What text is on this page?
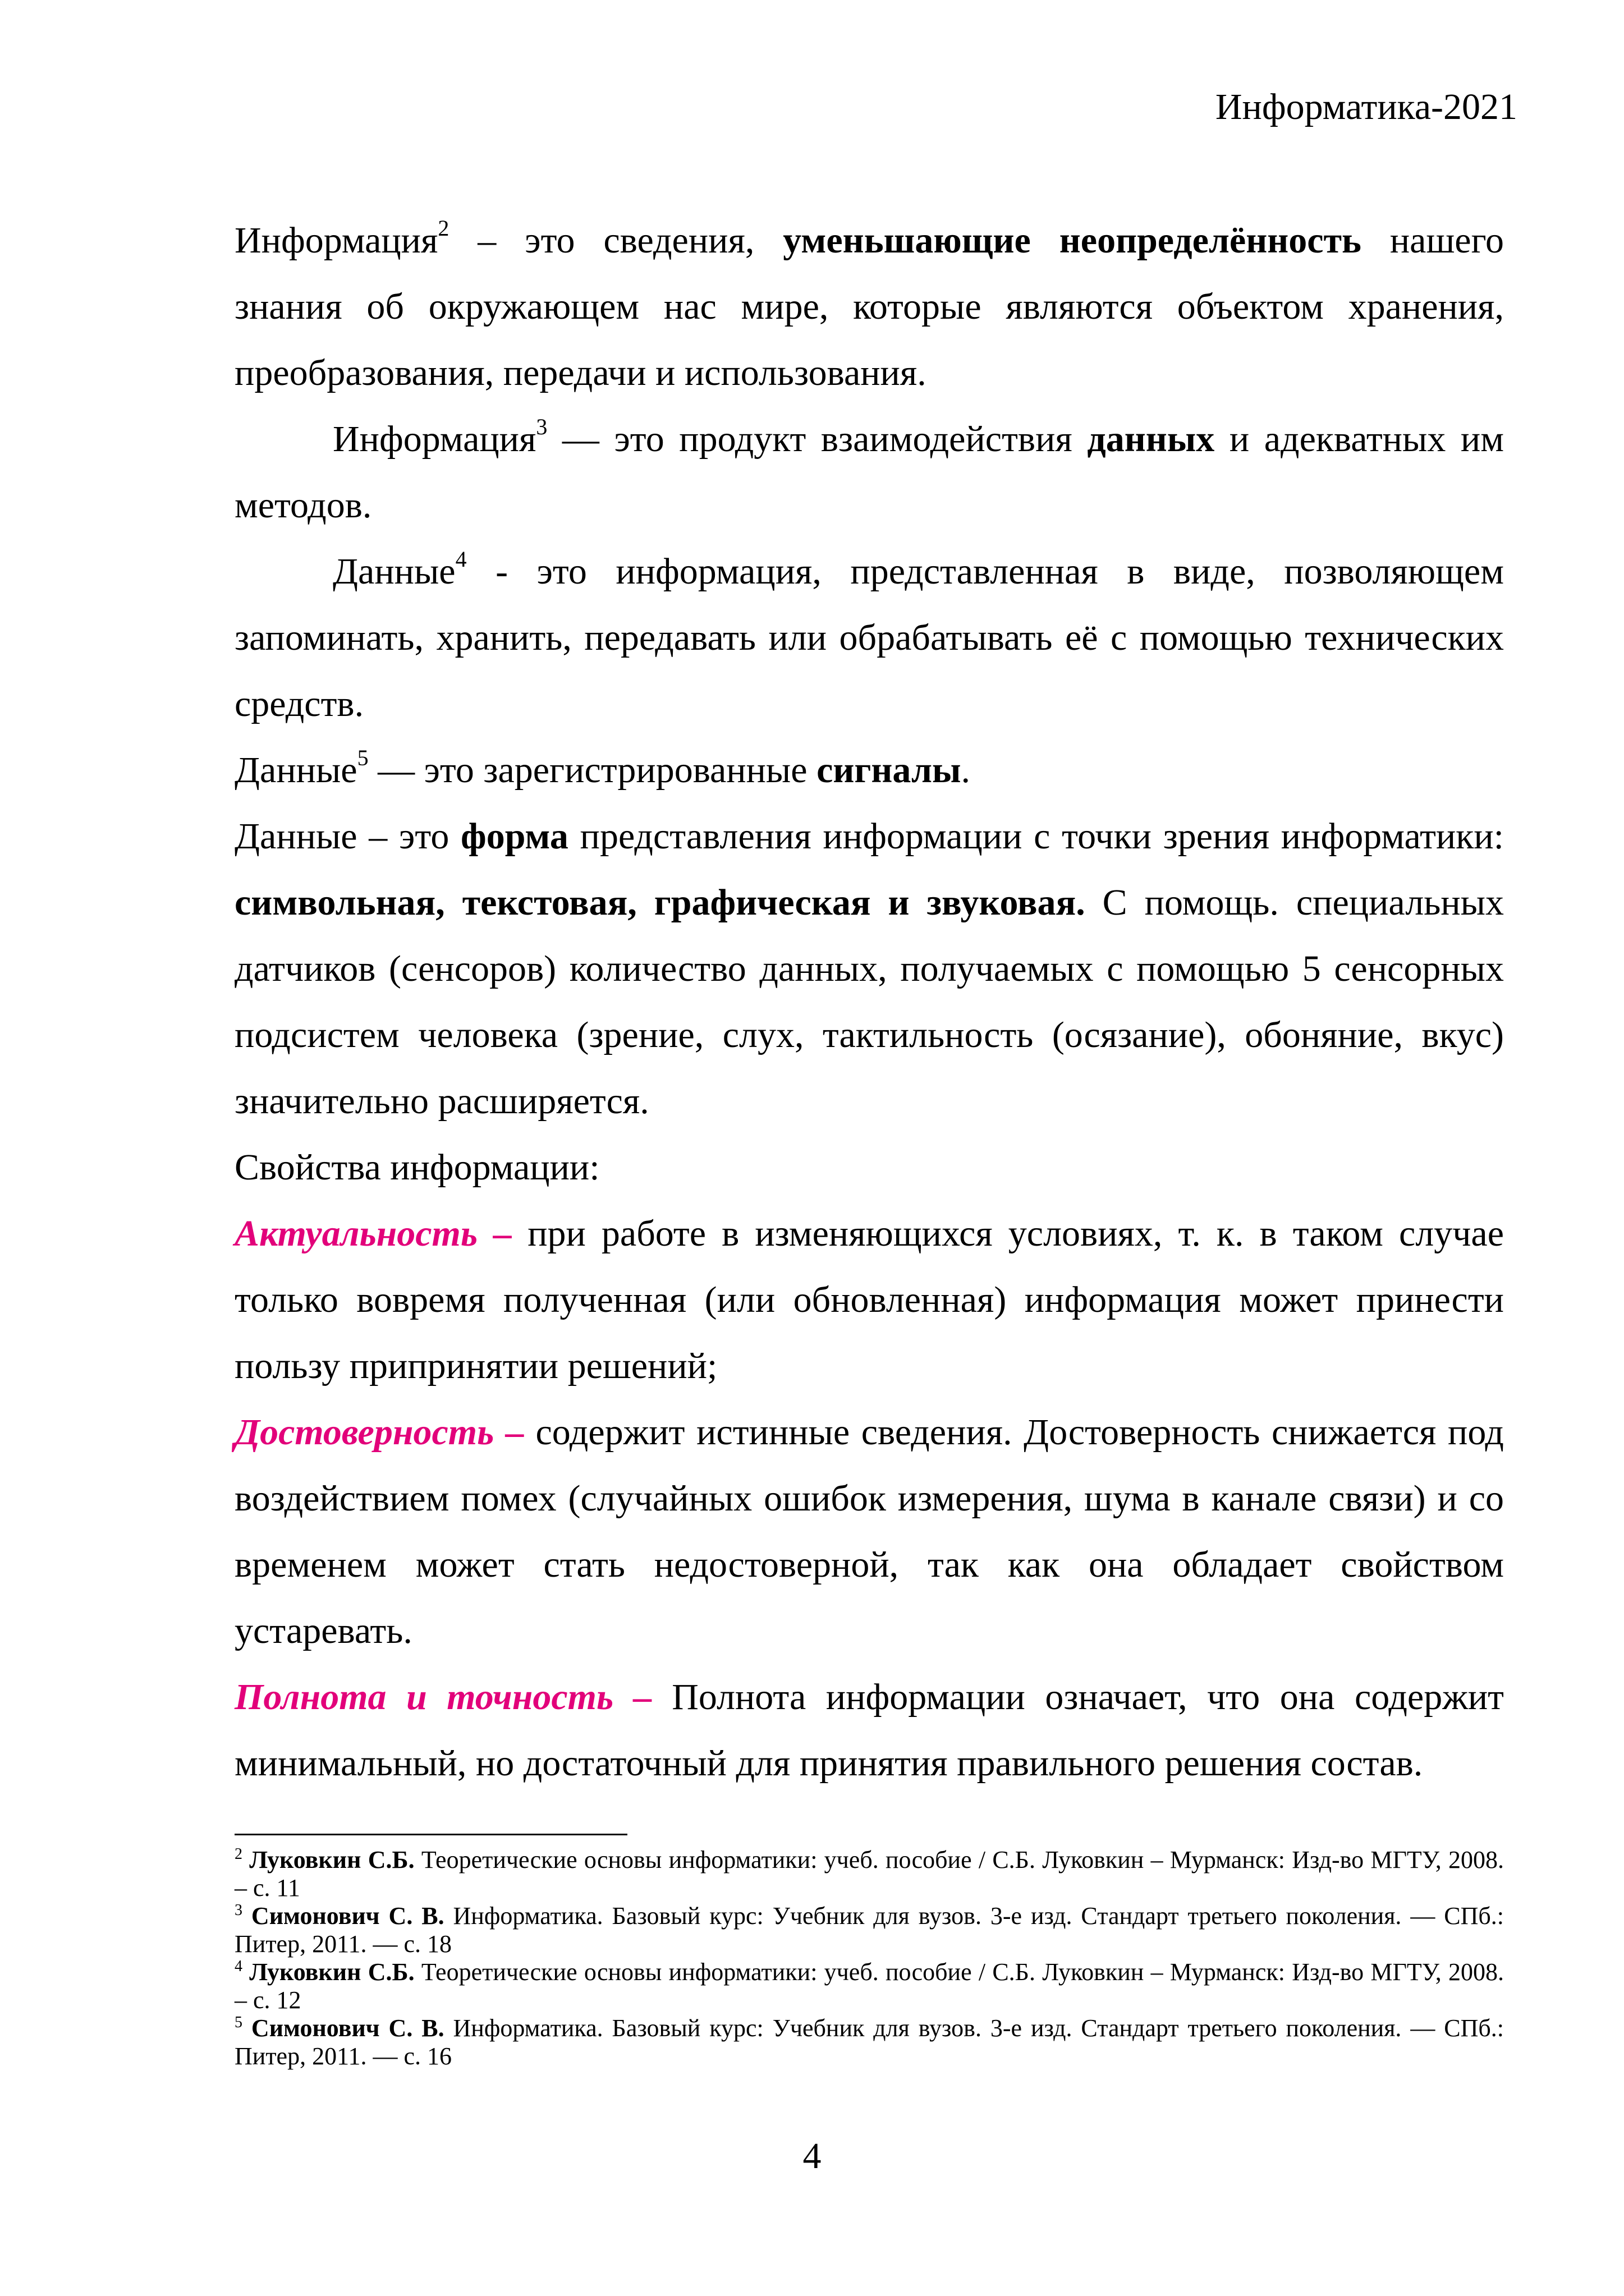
Информатика-2021

Информация$^2$ – это сведения, уменьшающие неопределённость нашего знания об окружающем нас мире, которые являются объектом хранения, преобразования, передачи и использования.

Информация$^3$ — это продукт взаимодействия данных и адекватных им методов.

Данные$^4$ - это информация, представленная в виде, позволяющем запоминать, хранить, передавать или обрабатывать её с помощью технических средств.

Данные$^5$ — это зарегистрированные сигналы.

Данные – это форма представления информации с точки зрения информатики: символьная, текстовая, графическая и звуковая. С помощь. специальных датчиков (сенсоров) количество данных, получаемых с помощью 5 сенсорных подсистем человека (зрение, слух, тактильность (осязание), обоняние, вкус) значительно расширяется.

Свойства информации:

Актуальность – при работе в изменяющихся условиях, т. к. в таком случае только вовремя полученная (или обновленная) информация может принести пользу припринятии решений;

Достоверность – содержит истинные сведения. Достоверность снижается под воздействием помех (случайных ошибок измерения, шума в канале связи) и со временем может стать недостоверной, так как она обладает свойством устаревать.

Полнота и точность – Полнота информации означает, что она содержит минимальный, но достаточный для принятия правильного решения состав.

$^2$ Луковкин С.Б. Теоретические основы информатики: учеб. пособие / С.Б. Луковкин – Мурманск: Изд-во МГТУ, 2008. – с. 11

$^3$ Симонович С. В. Информатика. Базовый курс: Учебник для вузов. 3-е изд. Стандарт третьего поколения. — СПб.: Питер, 2011. — с. 18

$^4$ Луковкин С.Б. Теоретические основы информатики: учеб. пособие / С.Б. Луковкин – Мурманск: Изд-во МГТУ, 2008. – с. 12

$^5$ Симонович С. В. Информатика. Базовый курс: Учебник для вузов. 3-е изд. Стандарт третьего поколения. — СПб.: Питер, 2011. — с. 16

4
